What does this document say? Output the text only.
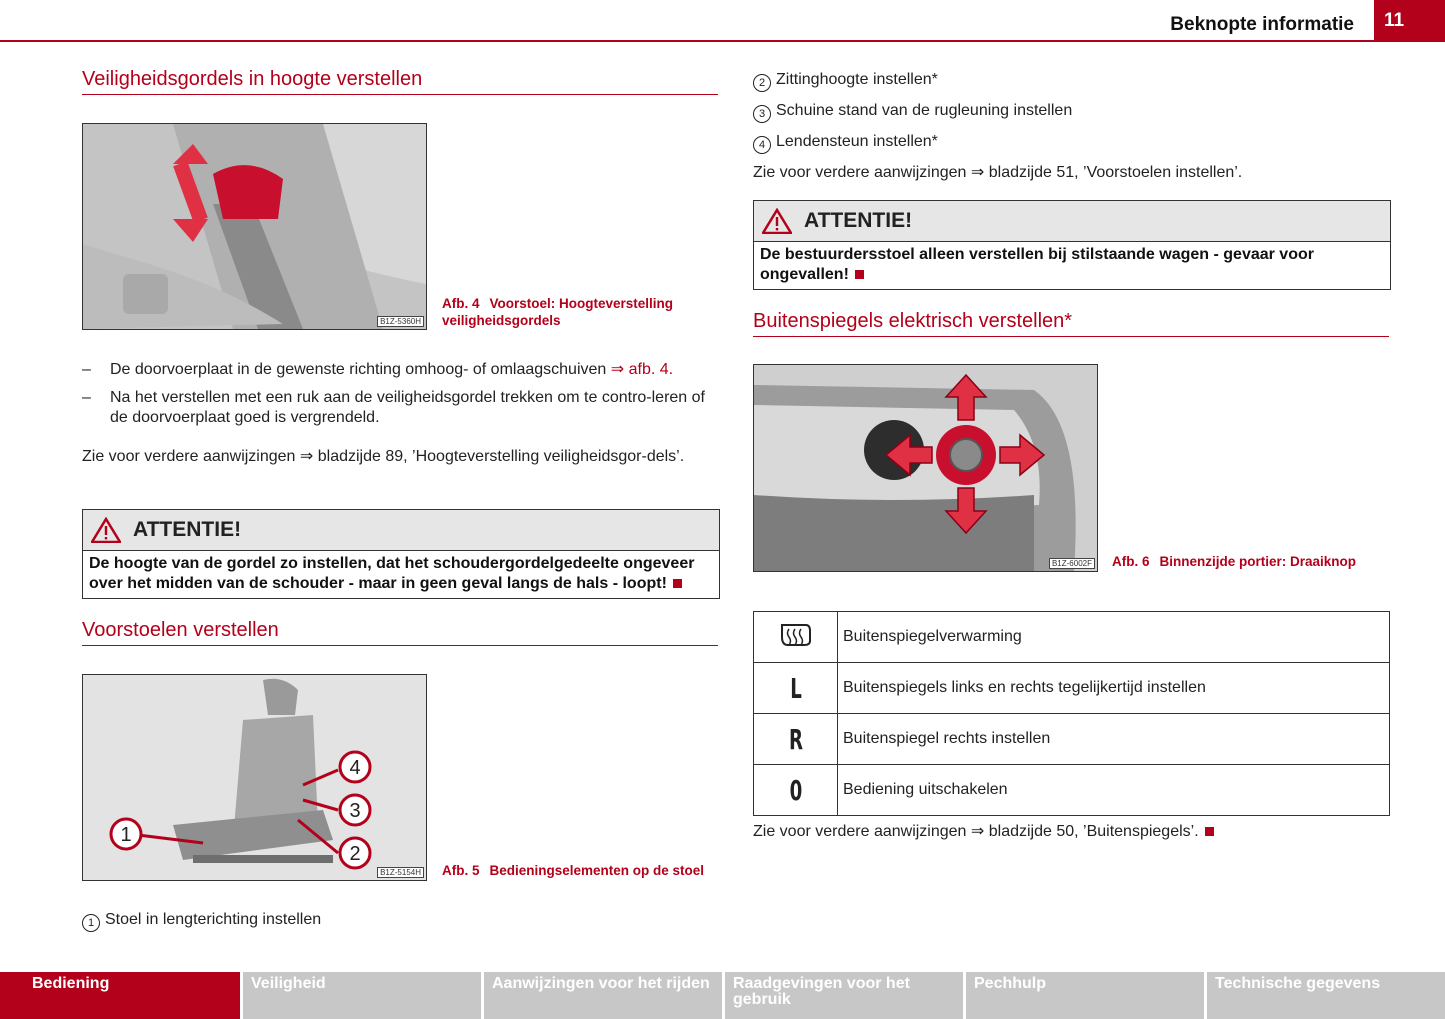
Beknopte informatie	11
Veiligheidsgordels in hoogte verstellen
B1Z-5360H
Afb. 4 Voorstoel: Hoogteverstelling veiligheidsgordels
– De doorvoerplaat in de gewenste richting omhoog- of omlaagschuiven ⇒ afb. 4.
– Na het verstellen met een ruk aan de veiligheidsgordel trekken om te contro-leren of de doorvoerplaat goed is vergrendeld.
Zie voor verdere aanwijzingen ⇒ bladzijde 89, ’Hoogteverstelling veiligheidsgor-dels’.
ATTENTIE!
De hoogte van de gordel zo instellen, dat het schoudergordelgedeelte ongeveer over het midden van de schouder - maar in geen geval langs de hals - loopt!
Voorstoelen verstellen
1
2
3
4
B1Z-5154H Afb. 5 Bedieningselementen op de stoel
1 Stoel in lengterichting instellen
2 Zittinghoogte instellen*
3 Schuine stand van de rugleuning instellen
4 Lendensteun instellen*
Zie voor verdere aanwijzingen ⇒ bladzijde 51, ’Voorstoelen instellen’.
ATTENTIE!
De bestuurdersstoel alleen verstellen bij stilstaande wagen - gevaar voor ongevallen!
Buitenspiegels elektrisch verstellen*
B1Z-6002F Afb. 6 Binnenzijde portier: Draaiknop
	Buitenspiegelverwarming
L	Buitenspiegels links en rechts tegelijkertijd instellen
R	Buitenspiegel rechts instellen
0	Bediening uitschakelen
Zie voor verdere aanwijzingen ⇒ bladzijde 50, ’Buitenspiegels’.
Bediening	Veiligheid	Aanwijzingen voor het rijden	Raadgevingen voor het gebruik
Pechhulp	Technische gegevens
